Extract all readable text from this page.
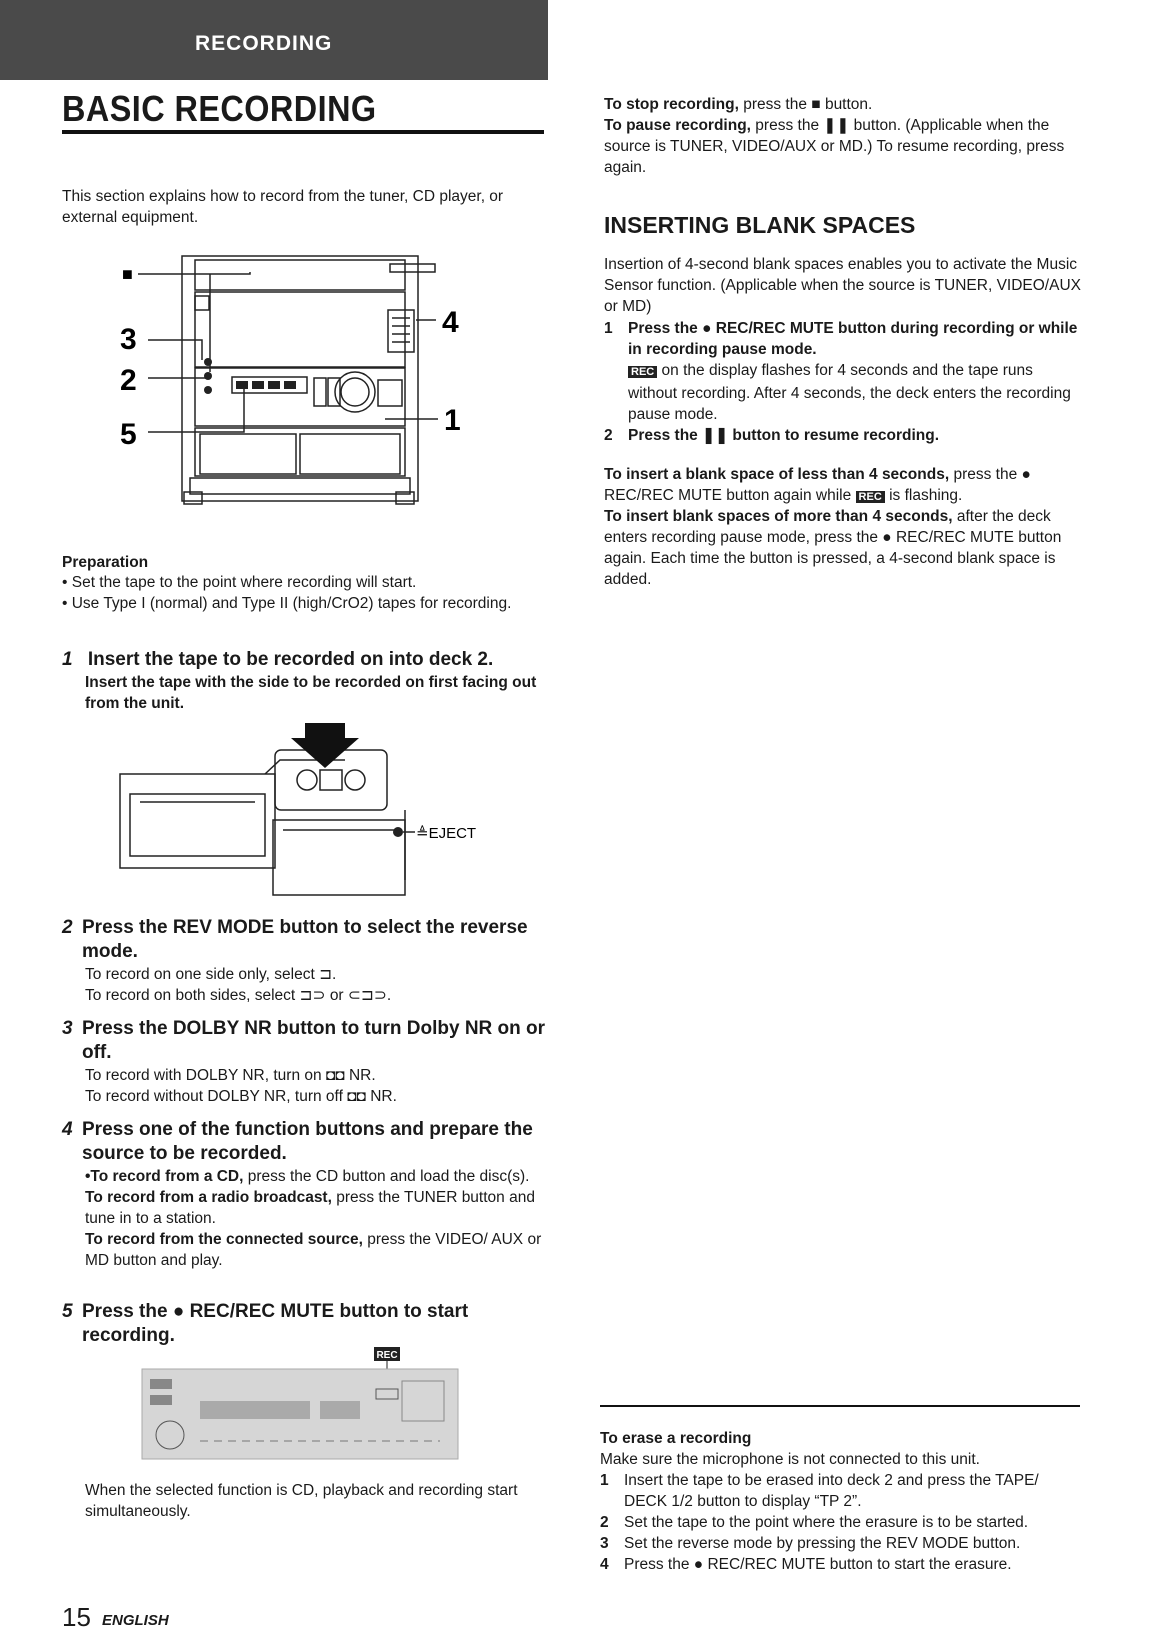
RECORDING
BASIC RECORDING
This section explains how to record from the tuner, CD player, or external equipment.
■
3
2
5
4
1
Preparation
• Set the tape to the point where recording will start.
• Use Type I (normal) and Type II (high/CrO2) tapes for recording.
1 Insert the tape to be recorded on into deck 2.
Insert the tape with the side to be recorded on first facing out from the unit.
≜EJECT
2 Press the REV MODE button to select the reverse mode.
To record on one side only, select ⊐.
To record on both sides, select ⊐⊃ or ⊂⊐⊃.
3 Press the DOLBY NR button to turn Dolby NR on or off.
To record with DOLBY NR, turn on ◘◘ NR.
To record without DOLBY NR, turn off ◘◘ NR.
4 Press one of the function buttons and prepare the source to be recorded.
•To record from a CD, press the CD button and load the disc(s).
To record from a radio broadcast, press the TUNER button and tune in to a station.
To record from the connected source, press the VIDEO/ AUX or MD button and play.
5 Press the ● REC/REC MUTE button to start recording.
REC
When the selected function is CD, playback and recording start simultaneously.
To stop recording, press the ■ button.
To pause recording, press the ❚❚ button. (Applicable when the source is TUNER, VIDEO/AUX or MD.) To resume recording, press again.
INSERTING BLANK SPACES
Insertion of 4-second blank spaces enables you to activate the Music Sensor function. (Applicable when the source is TUNER, VIDEO/AUX or MD)
1 Press the ● REC/REC MUTE button during recording or while in recording pause mode.
REC on the display flashes for 4 seconds and the tape runs without recording. After 4 seconds, the deck enters the recording pause mode.
2 Press the ❚❚ button to resume recording.
To insert a blank space of less than 4 seconds, press the ● REC/REC MUTE button again while REC is flashing.
To insert blank spaces of more than 4 seconds, after the deck enters recording pause mode, press the ● REC/REC MUTE button again. Each time the button is pressed, a 4-second blank space is added.
To erase a recording
Make sure the microphone is not connected to this unit.
1 Insert the tape to be erased into deck 2 and press the TAPE/ DECK 1/2 button to display “TP 2”.
2 Set the tape to the point where the erasure is to be started.
3 Set the reverse mode by pressing the REV MODE button.
4 Press the ● REC/REC MUTE button to start the erasure.
15 ENGLISH
